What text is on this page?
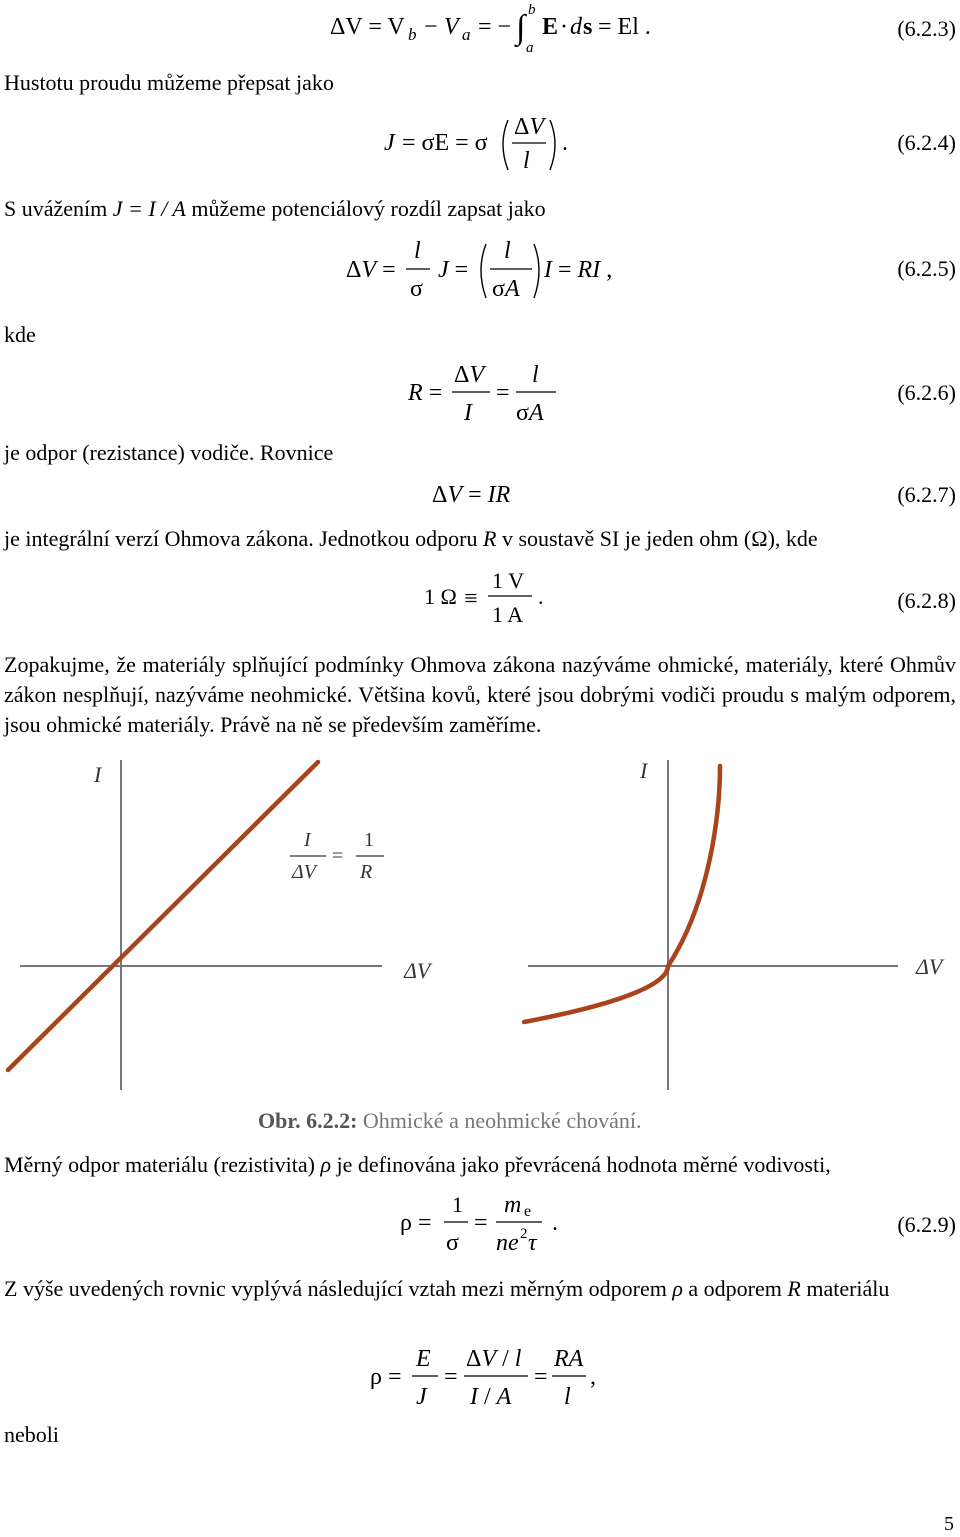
ΔV = V b − V a = − ∫ b
a
E · d s = El .	(6.2.3)
Hustotu proudu můžeme přepsat jako
J = σE = σ
ΔV
l
.	(6.2.4)
S uvážením J = I / A můžeme potenciálový rozdíl zapsat jako
ΔV =
l
σ
J =
l
σA
I = RI ,	(6.2.5)
kde
R =
ΔV
I
=
l
σA
(6.2.6)
je odpor (rezistance) vodiče. Rovnice
ΔV = IR	(6.2.7)
je integrální verzí Ohmova zákona. Jednotkou odporu R v soustavě SI je jeden ohm (Ω), kde
1 Ω ≡
1 V
1 A
.	(6.2.8)
Zopakujme, že materiály splňující podmínky Ohmova zákona nazýváme ohmické, materiály, které Ohmův zákon nesplňují, nazýváme neohmické. Většina kovů, které jsou dobrými vodiči proudu s malým odporem, jsou ohmické materiály. Právě na ně se především zaměříme.
I
ΔV
I
ΔV
=
1
R
I
ΔV
Obr. 6.2.2: Ohmické a neohmické chování.
Měrný odpor materiálu (rezistivita) ρ je definována jako převrácená hodnota měrné vodivosti,
ρ =
1
σ
=
m e
ne 2 τ
.	(6.2.9)
Z výše uvedených rovnic vyplývá následující vztah mezi měrným odporem ρ a odporem R materiálu
ρ =
E
J
=
ΔV / l
I / A
=
RA
l
,
neboli
5
